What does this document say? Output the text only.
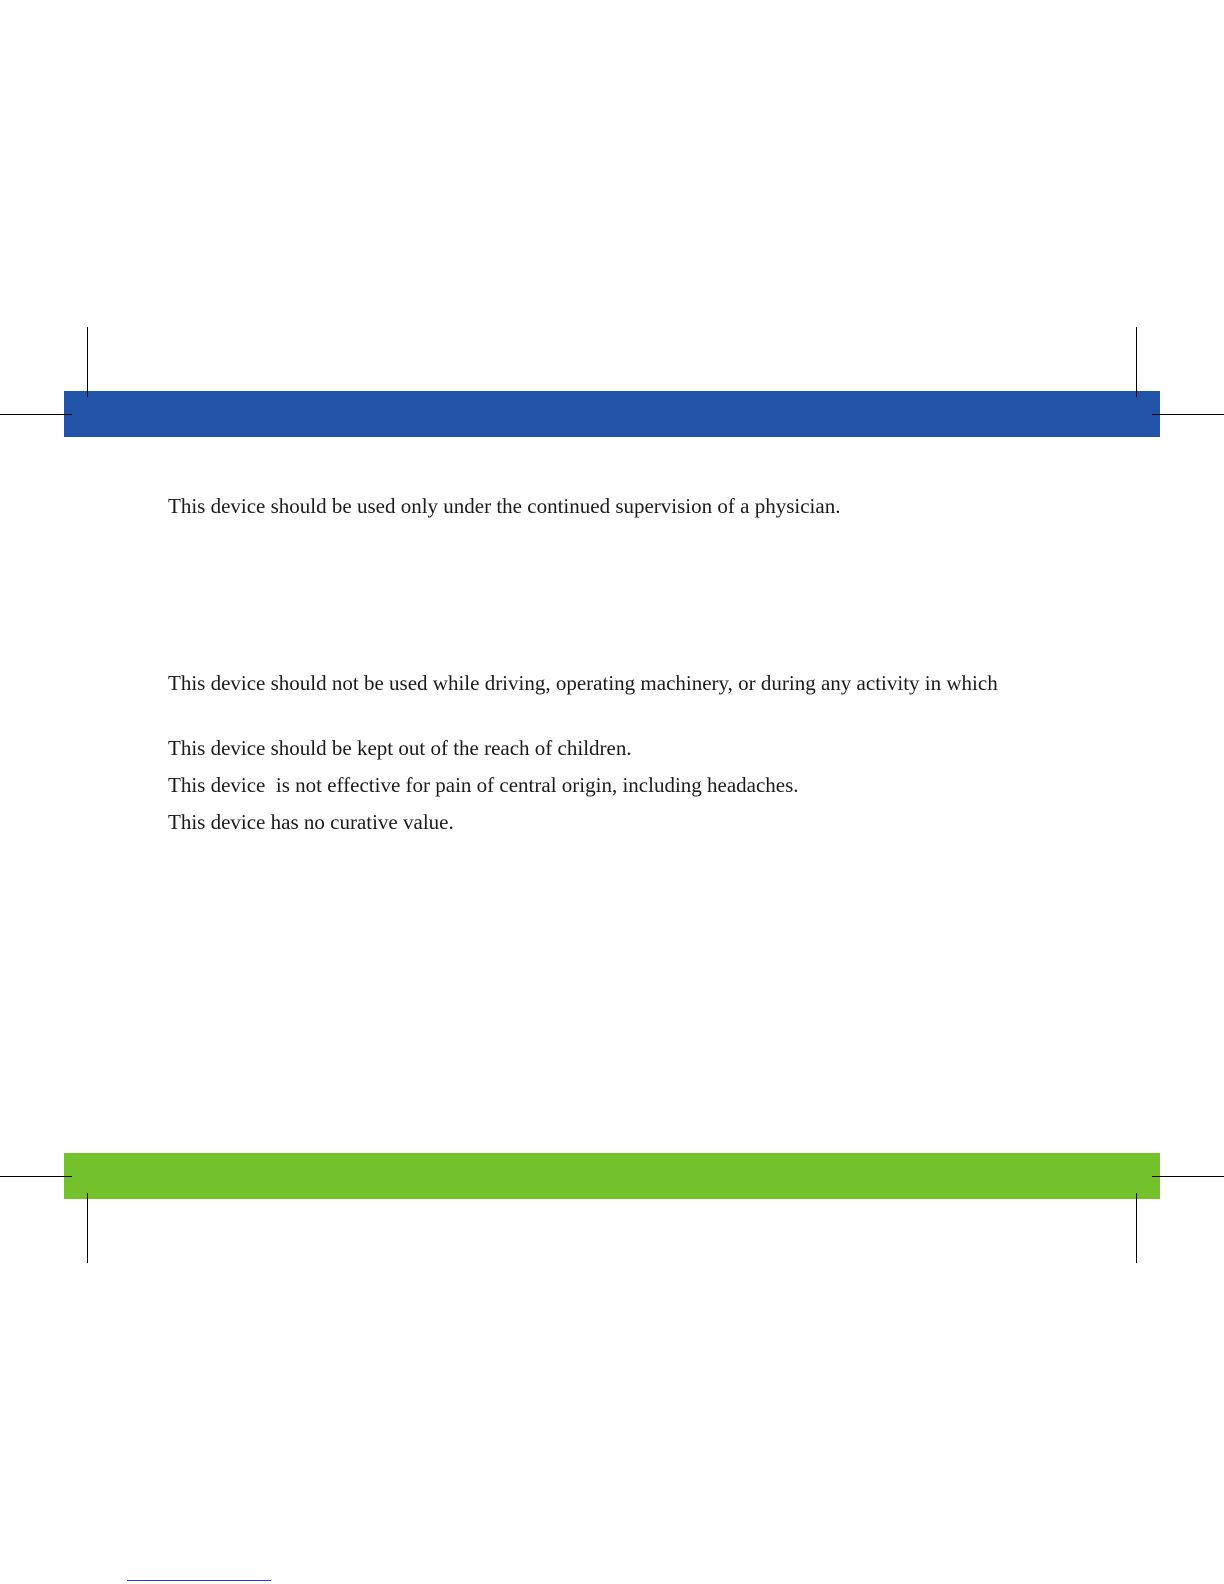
This device should be used only under the continued supervision of a physician.

This device should not be used while driving, operating machinery, or during any activity in which

This device should be kept out of the reach of children.

This device  is not effective for pain of central origin, including headaches.

This device has no curative value.
